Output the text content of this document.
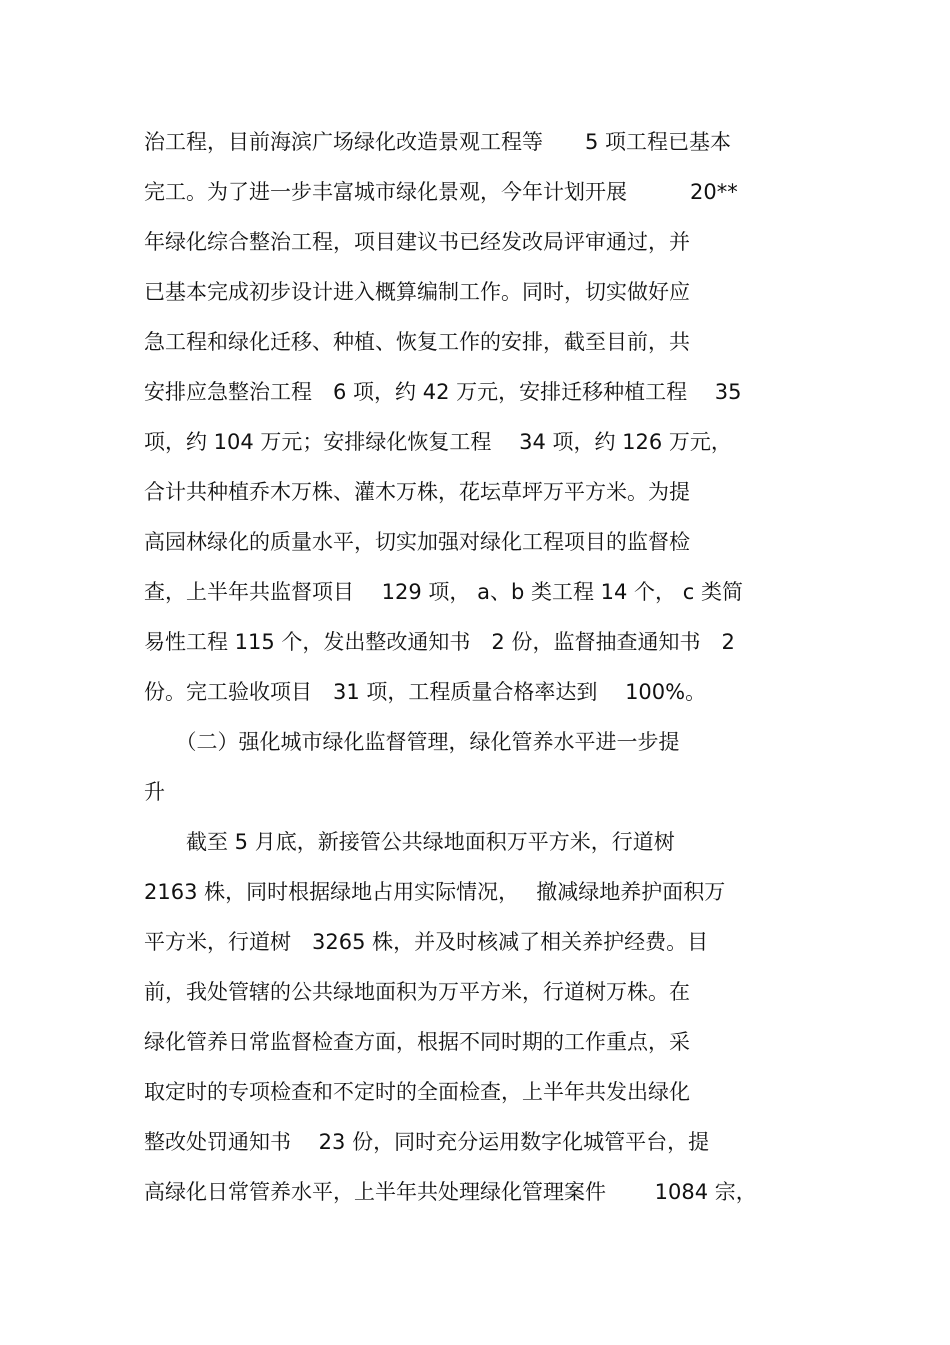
治工程，目前海滨广场绿化改造景观工程等　　5 项工程已基本
完工。为了进一步丰富城市绿化景观，今年计划开展　　　20**
年绿化综合整治工程，项目建议书已经发改局评审通过，并
已基本完成初步设计进入概算编制工作。同时，切实做好应
急工程和绿化迁移、种植、恢复工作的安排，截至目前，共
安排应急整治工程　6 项，约 42 万元，安排迁移种植工程　 35
项，约 104 万元；安排绿化恢复工程　 34 项，约 126 万元，
合计共种植乔木万株、灌木万株，花坛草坪万平方米。为提
高园林绿化的质量水平，切实加强对绿化工程项目的监督检
查，上半年共监督项目　 129 项， a、b 类工程 14 个， c 类简
易性工程 115 个，发出整改通知书　2 份，监督抽查通知书　2
份。完工验收项目　31 项，工程质量合格率达到　 100%。
　　（二）强化城市绿化监督管理，绿化管养水平进一步提
升
　　截至 5 月底，新接管公共绿地面积万平方米，行道树
2163 株，同时根据绿地占用实际情况，　 撤减绿地养护面积万
平方米，行道树　3265 株，并及时核减了相关养护经费。目
前，我处管辖的公共绿地面积为万平方米，行道树万株。在
绿化管养日常监督检查方面，根据不同时期的工作重点，采
取定时的专项检查和不定时的全面检查，上半年共发出绿化
整改处罚通知书　 23 份，同时充分运用数字化城管平台，提
高绿化日常管养水平，上半年共处理绿化管理案件　　 1084 宗，
